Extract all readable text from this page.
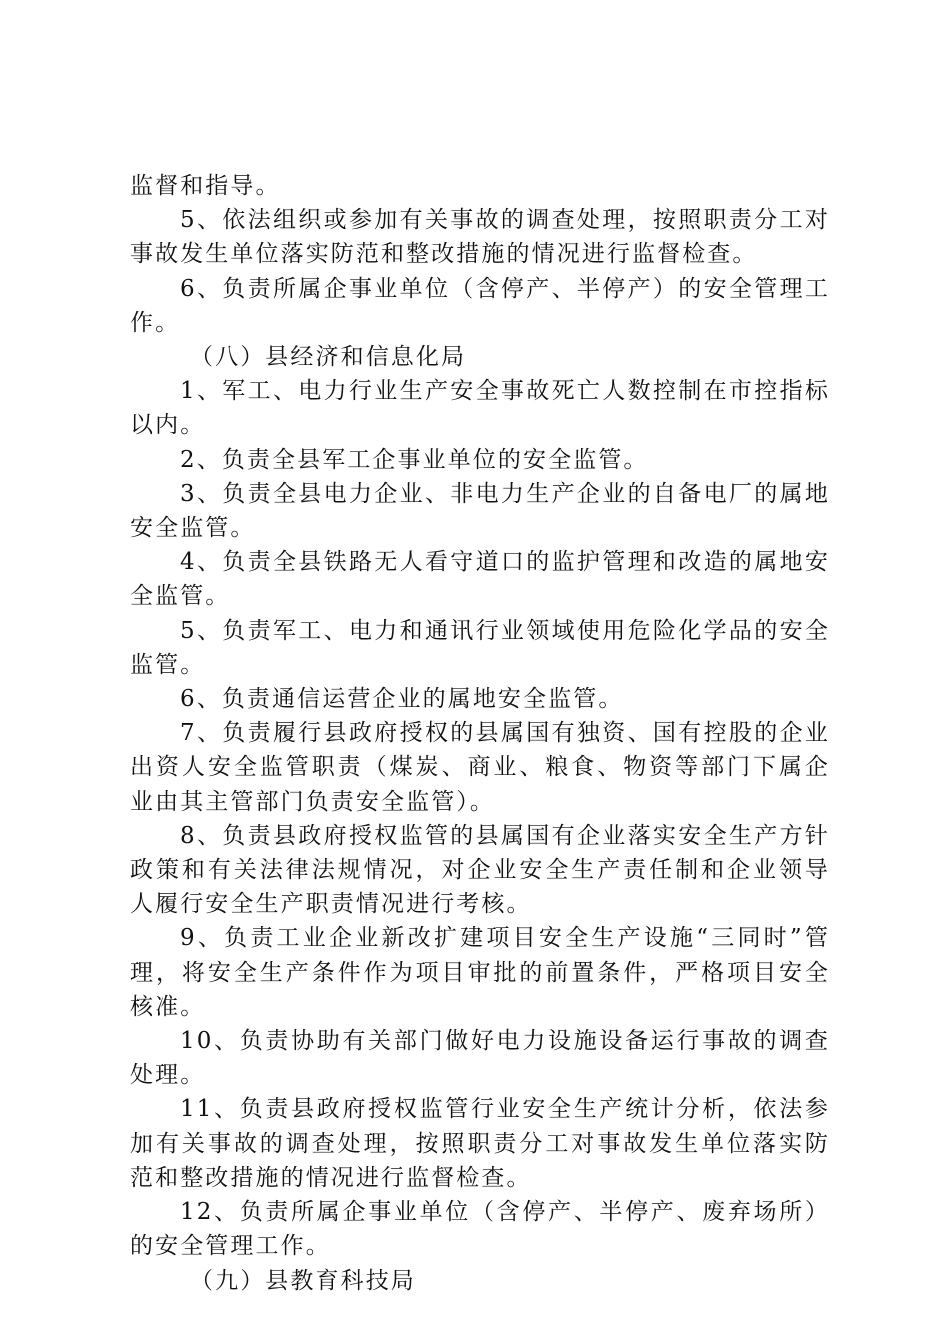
监督和指导。

5、依法组织或参加有关事故的调查处理，按照职责分工对事故发生单位落实防范和整改措施的情况进行监督检查。

6、负责所属企事业单位（含停产、半停产）的安全管理工作。

（八）县经济和信息化局

1、军工、电力行业生产安全事故死亡人数控制在市控指标以内。

2、负责全县军工企事业单位的安全监管。

3、负责全县电力企业、非电力生产企业的自备电厂的属地安全监管。

4、负责全县铁路无人看守道口的监护管理和改造的属地安全监管。

5、负责军工、电力和通讯行业领域使用危险化学品的安全监管。

6、负责通信运营企业的属地安全监管。

7、负责履行县政府授权的县属国有独资、国有控股的企业出资人安全监管职责（煤炭、商业、粮食、物资等部门下属企业由其主管部门负责安全监管）。

8、负责县政府授权监管的县属国有企业落实安全生产方针政策和有关法律法规情况，对企业安全生产责任制和企业领导人履行安全生产职责情况进行考核。

9、负责工业企业新改扩建项目安全生产设施“三同时”管理，将安全生产条件作为项目审批的前置条件，严格项目安全核准。

10、负责协助有关部门做好电力设施设备运行事故的调查处理。

11、负责县政府授权监管行业安全生产统计分析，依法参加有关事故的调查处理，按照职责分工对事故发生单位落实防范和整改措施的情况进行监督检查。

12、负责所属企事业单位（含停产、半停产、废弃场所）的安全管理工作。

（九）县教育科技局
